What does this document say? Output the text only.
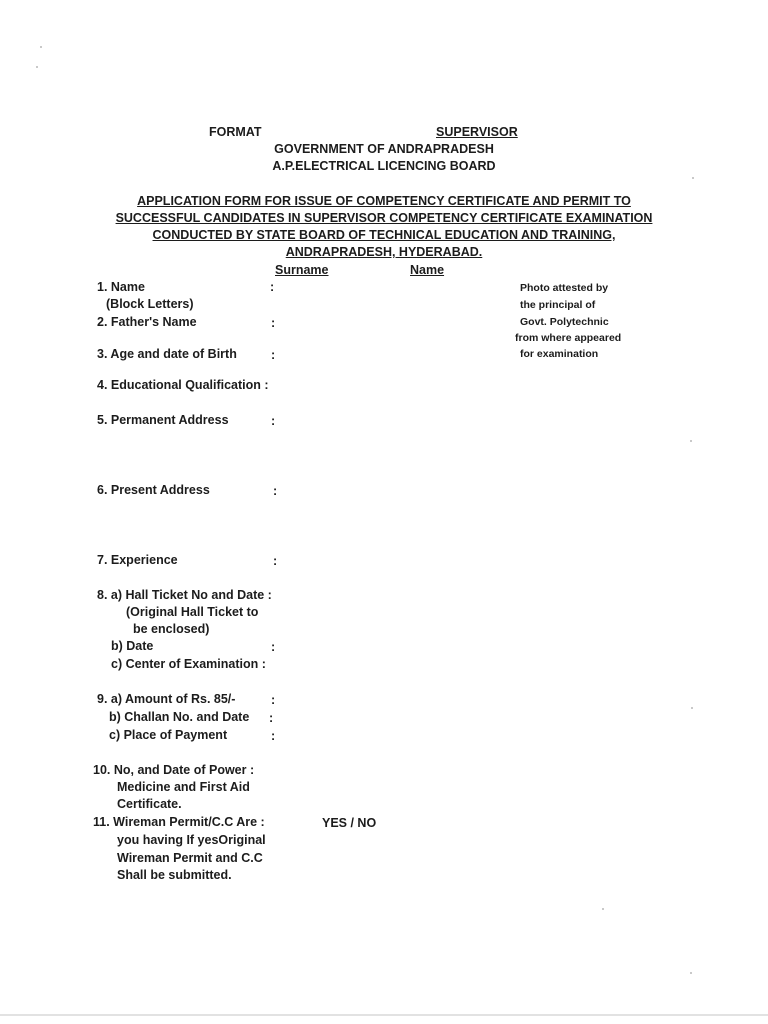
FORMAT	SUPERVISOR
GOVERNMENT OF ANDRAPRADESH
A.P.ELECTRICAL LICENCING BOARD
APPLICATION FORM FOR ISSUE OF COMPETENCY CERTIFICATE AND PERMIT TO
SUCCESSFUL CANDIDATES IN SUPERVISOR COMPETENCY CERTIFICATE EXAMINATION
CONDUCTED BY STATE BOARD OF TECHNICAL EDUCATION AND TRAINING,
ANDRAPRADESH, HYDERABAD.
Surname	Name
Photo attested by
the principal of
Govt. Polytechnic
from where appeared
for examination
1. Name	:
(Block Letters)
2. Father's Name	:
3. Age and date of Birth	:
4. Educational Qualification :
5. Permanent Address	:
6. Present Address	:
7. Experience	:
8. a) Hall Ticket No and Date :
(Original Hall Ticket to
be enclosed)
b) Date	:
c) Center of Examination :
9. a) Amount of Rs. 85/-	:
b) Challan No. and Date :
c) Place of Payment	:
10. No, and Date of Power :
Medicine and First Aid
Certificate.
11. Wireman Permit/C.C Are :	YES / NO
you having If yesOriginal
Wireman Permit and C.C
Shall be submitted.
